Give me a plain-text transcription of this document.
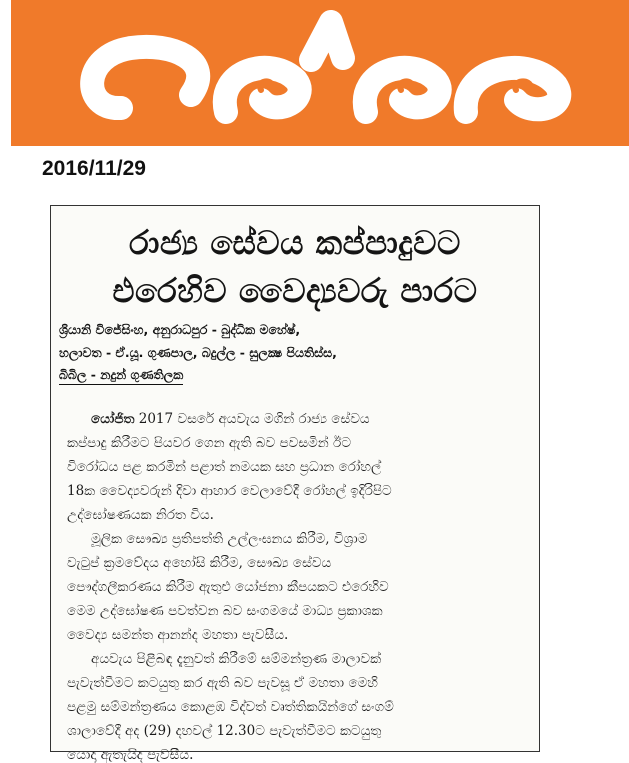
2016/11/29
රාජ්‍ය සේවය කප්පාදුවට
එරෙහිව වෛද්‍යවරු පාරට
ශ්‍රියානි විජේසිංහ, අනුරාධපුර - බුද්ධික මහේෂ්,
හලාවත - ඒ.යූ. ගුණපාල, බදුල්ල - සුලක්‍ෂ පියතිස්ස,
බිබිල - නදුන් ගුණතිලක
යෝජිත 2017 වසරේ අයවැය මගින් රාජ්‍ය සේවය
කප්පාදු කිරීමට පියවර ගෙන ඇති බව පවසමින් ඊට
විරෝධය පළ කරමින් පළාත් නමයක සහ ප්‍රධාන රෝහල්
18ක වෛද්‍යවරුන් දිවා ආහාර වෙලාවේදී රෝහල් ඉදිරිපිට
උද්ඝෝෂණයක නිරත විය.
මූලික සෞඛ්‍ය ප්‍රතිපත්ති උල්ලංඝනය කිරීම, විශ්‍රාම
වැටුප් ක්‍රමවේදය අහෝසි කිරීම, සෞඛ්‍ය සේවය
පෞද්ගලීකරණය කිරීම ඇතුළු යෝජනා කීපයකට එරෙහිව
මෙම උද්ඝෝෂණ පවත්වන බව සංගමයේ මාධ්‍ය ප්‍රකාශක
වෛද්‍ය සමන්ත ආනන්ද මහතා පැවසීය.
අයවැය පිළිබඳ දැනුවත් කිරීමේ සම්මන්ත්‍රණ මාලාවක්
පැවැත්වීමට කටයුතු කර ඇති බව පැවසූ ඒ මහතා මෙහි
පළමු සම්මන්ත්‍රණය කොළඹ විද්වත් වෘත්තිකයින්ගේ සංගම්
ශාලාවේදී අද (29) දහවල් 12.30ට පැවැත්වීමට කටයුතු
යොදා ඇතැයිද පැවසීය.
